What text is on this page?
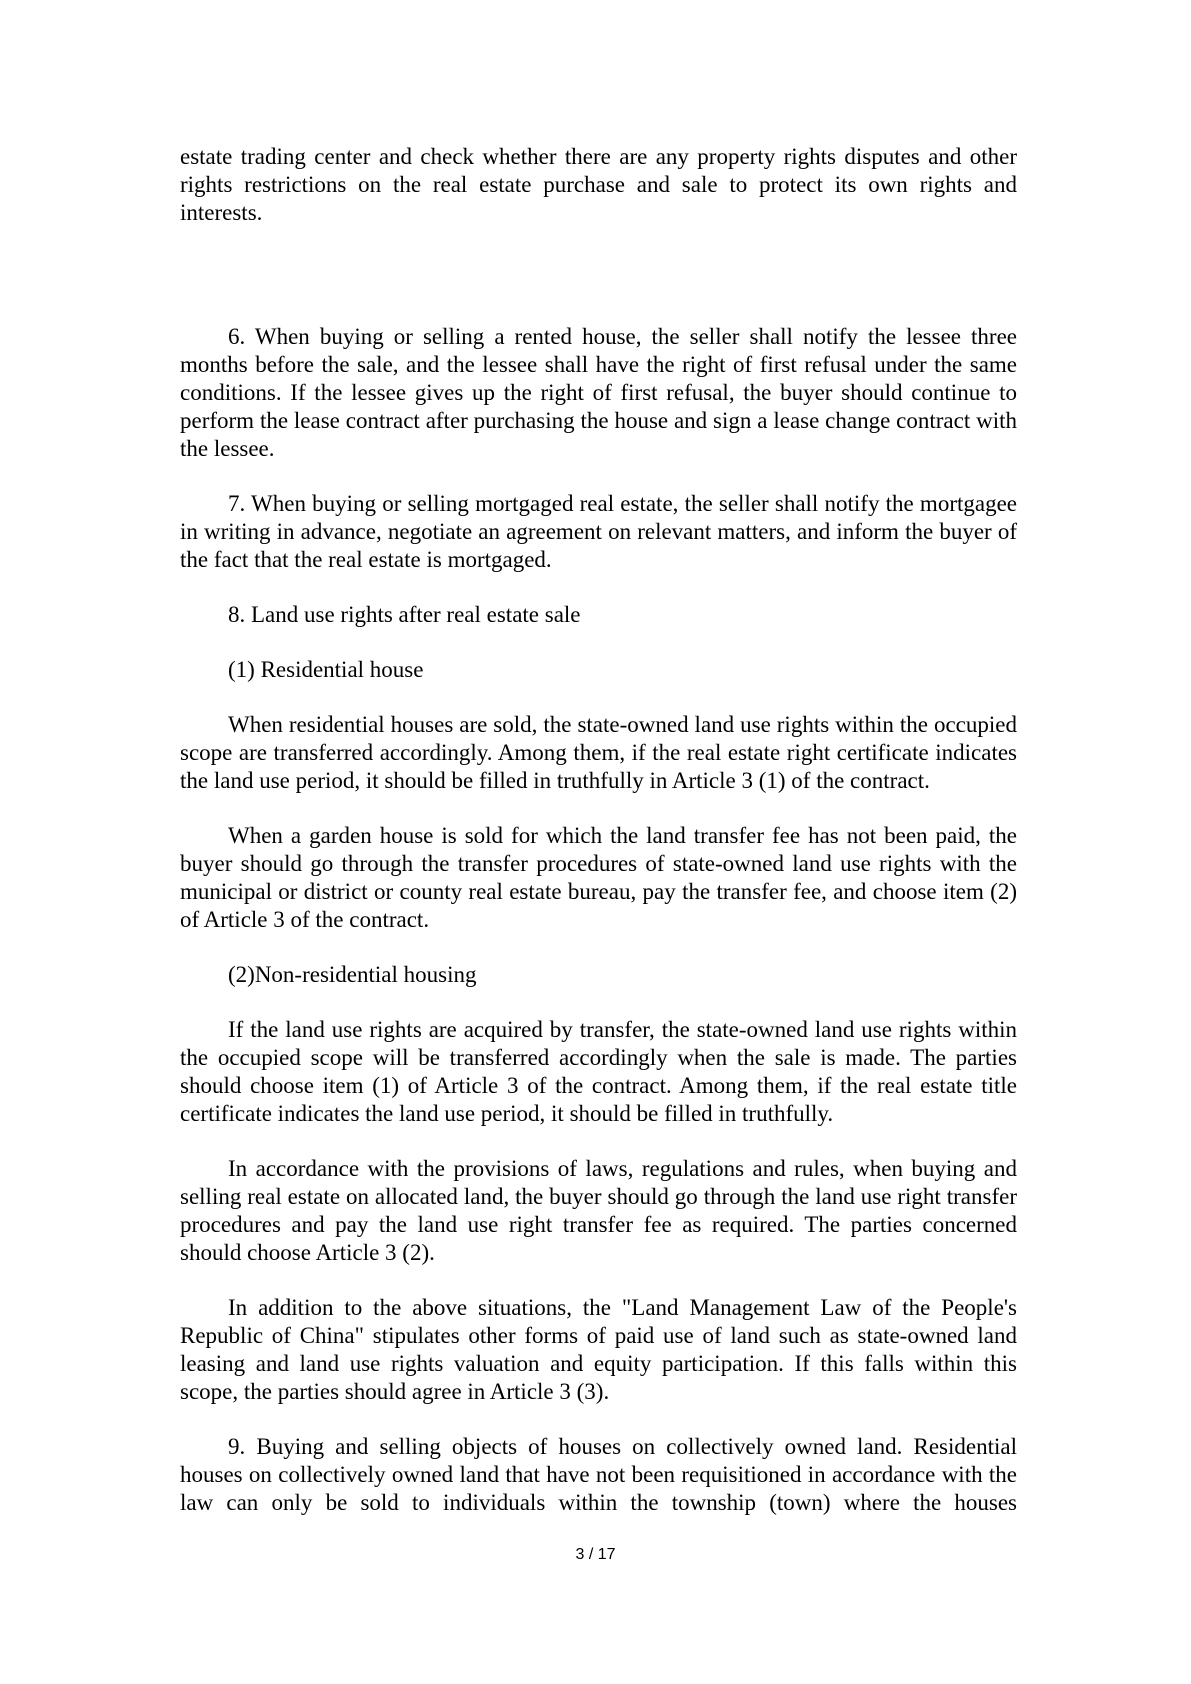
estate trading center and check whether there are any property rights disputes and other rights restrictions on the real estate purchase and sale to protect its own rights and interests.

6. When buying or selling a rented house, the seller shall notify the lessee three months before the sale, and the lessee shall have the right of first refusal under the same conditions. If the lessee gives up the right of first refusal, the buyer should continue to perform the lease contract after purchasing the house and sign a lease change contract with the lessee.

7. When buying or selling mortgaged real estate, the seller shall notify the mortgagee in writing in advance, negotiate an agreement on relevant matters, and inform the buyer of the fact that the real estate is mortgaged.

8. Land use rights after real estate sale

(1) Residential house

When residential houses are sold, the state-owned land use rights within the occupied scope are transferred accordingly. Among them, if the real estate right certificate indicates the land use period, it should be filled in truthfully in Article 3 (1) of the contract.

When a garden house is sold for which the land transfer fee has not been paid, the buyer should go through the transfer procedures of state-owned land use rights with the municipal or district or county real estate bureau, pay the transfer fee, and choose item (2) of Article 3 of the contract.

(2)Non-residential housing

If the land use rights are acquired by transfer, the state-owned land use rights within the occupied scope will be transferred accordingly when the sale is made. The parties should choose item (1) of Article 3 of the contract. Among them, if the real estate title certificate indicates the land use period, it should be filled in truthfully.

In accordance with the provisions of laws, regulations and rules, when buying and selling real estate on allocated land, the buyer should go through the land use right transfer procedures and pay the land use right transfer fee as required. The parties concerned should choose Article 3 (2).

In addition to the above situations, the "Land Management Law of the People's Republic of China" stipulates other forms of paid use of land such as state-owned land leasing and land use rights valuation and equity participation. If this falls within this scope, the parties should agree in Article 3 (3).

9. Buying and selling objects of houses on collectively owned land. Residential houses on collectively owned land that have not been requisitioned in accordance with the law can only be sold to individuals within the township (town) where the houses

3 / 17
